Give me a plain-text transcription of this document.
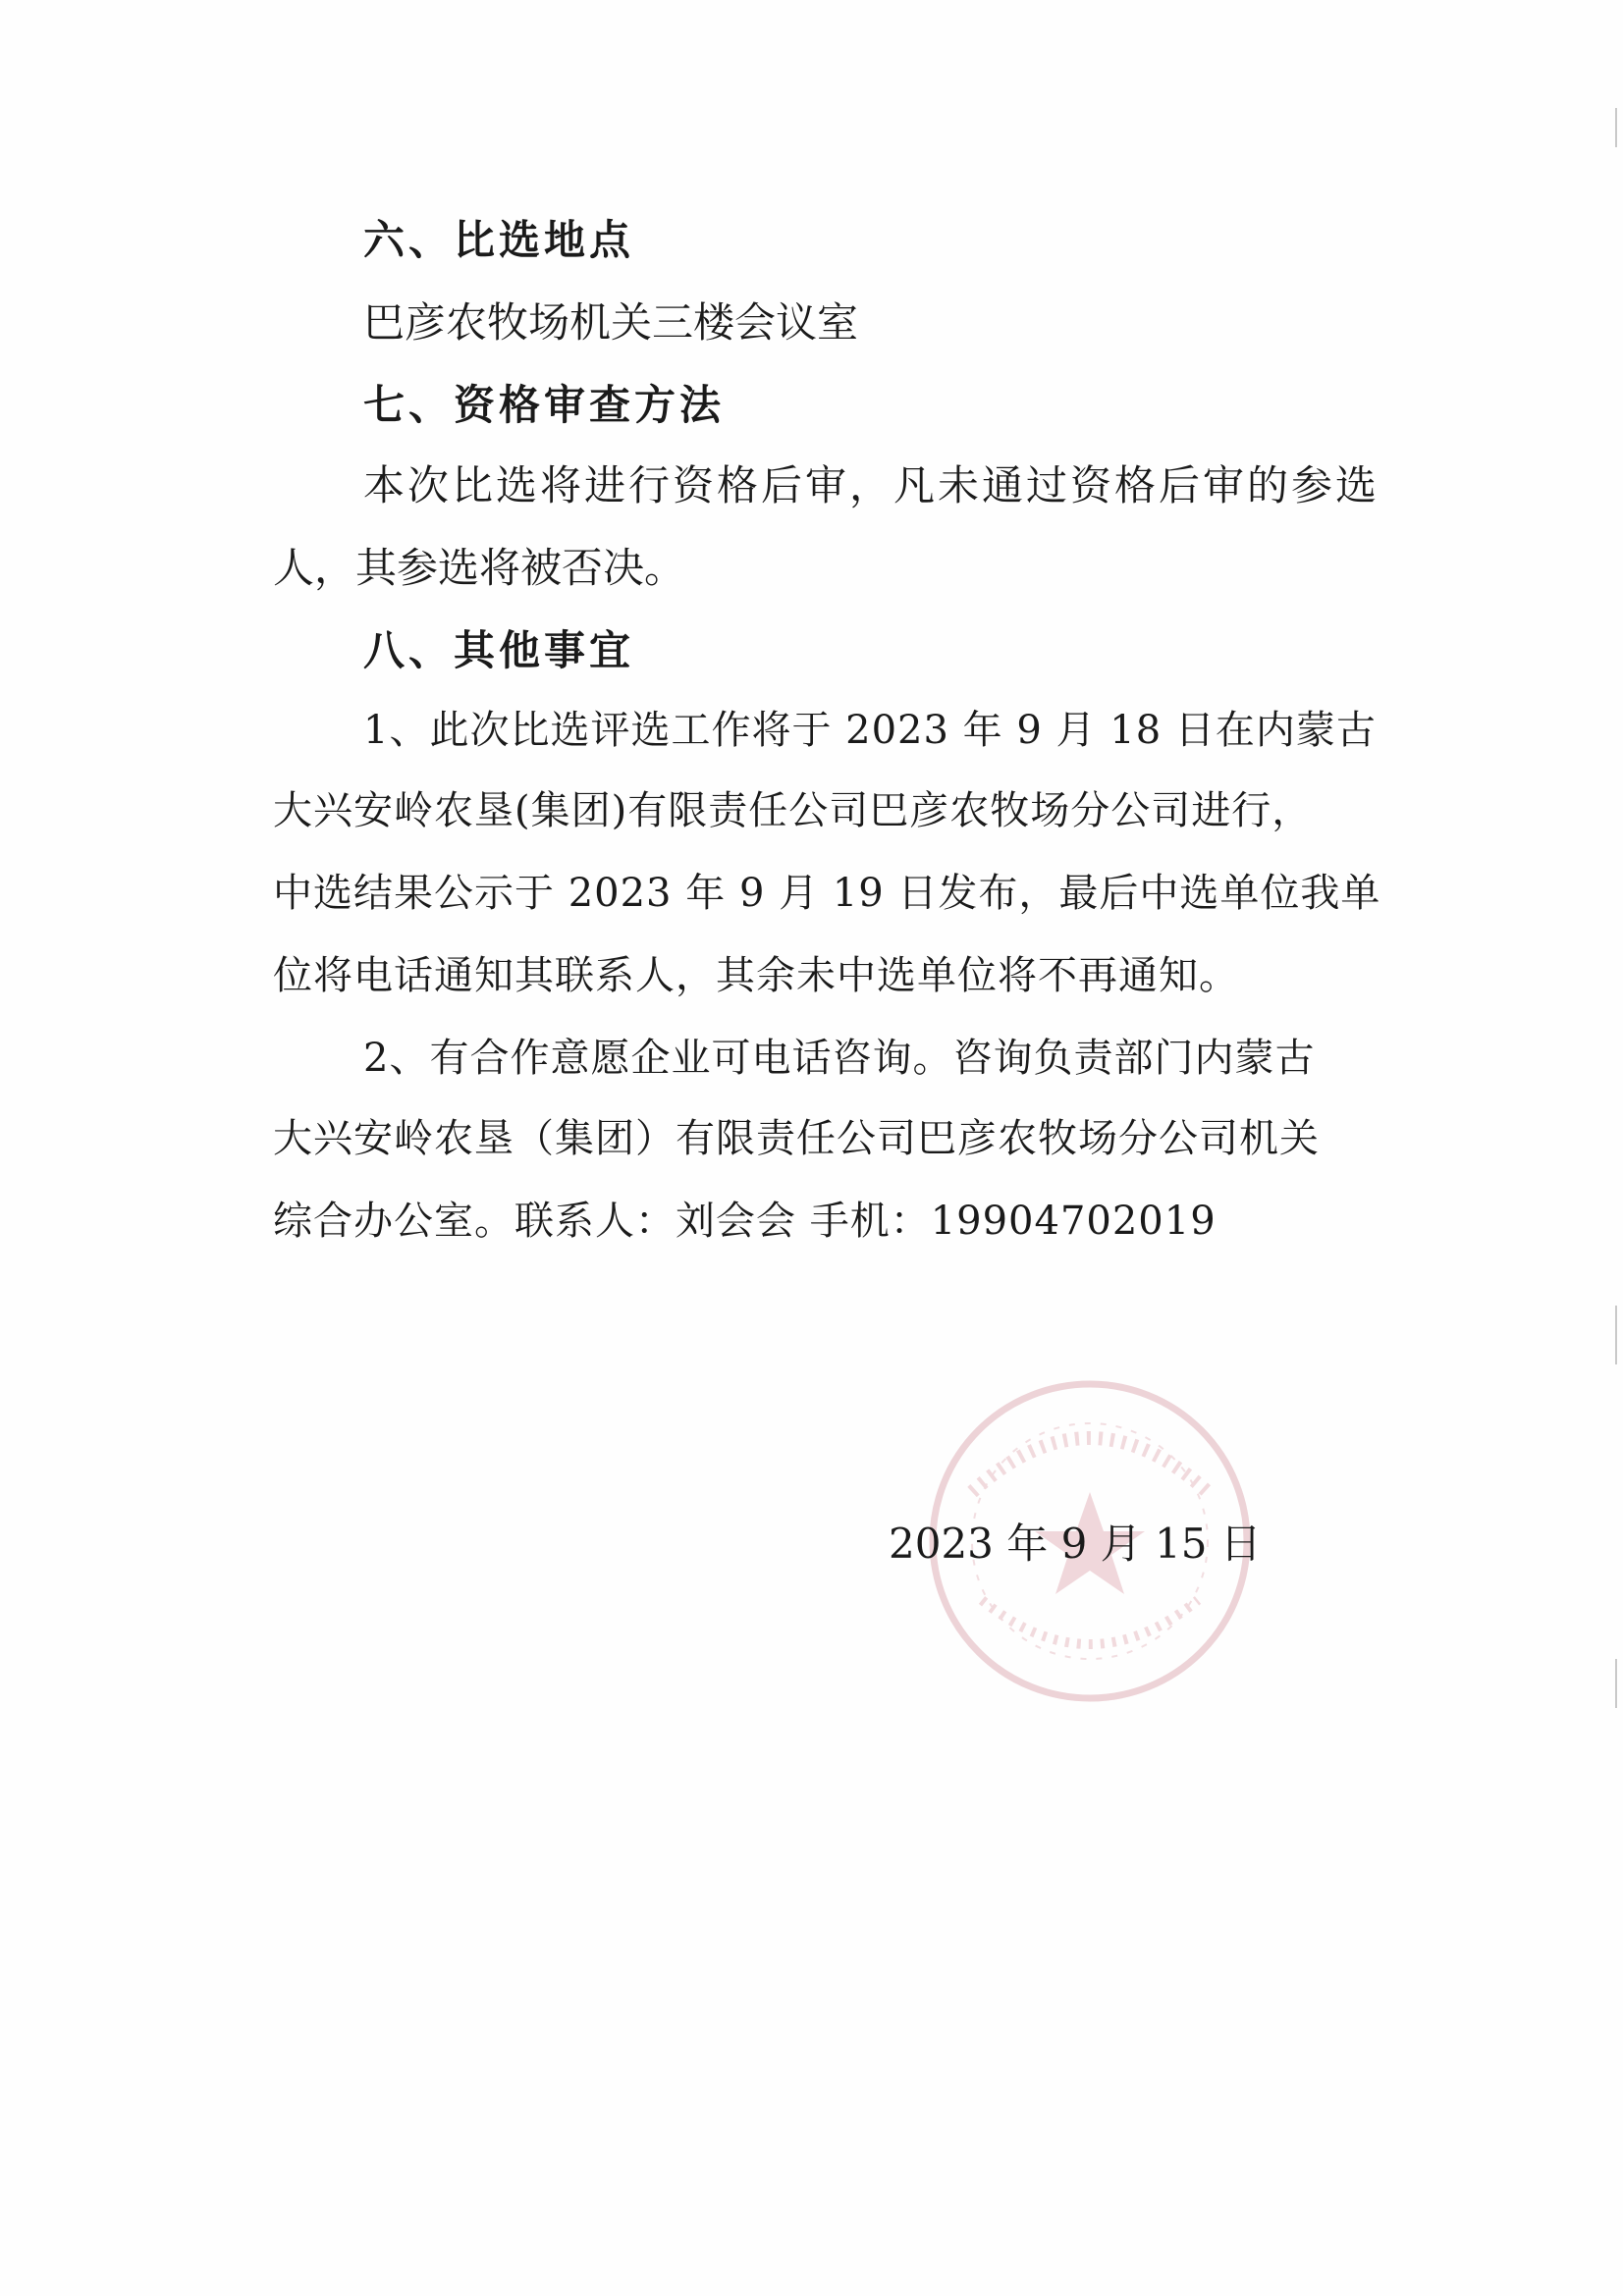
六、比选地点
巴彦农牧场机关三楼会议室
七、资格审查方法
本次比选将进行资格后审，凡未通过资格后审的参选
人，其参选将被否决。
八、其他事宜
1、此次比选评选工作将于 2023 年 9 月 18 日在内蒙古
大兴安岭农垦(集团)有限责任公司巴彦农牧场分公司进行，
中选结果公示于 2023 年 9 月 19 日发布，最后中选单位我单
位将电话通知其联系人，其余未中选单位将不再通知。
2、有合作意愿企业可电话咨询。咨询负责部门内蒙古
大兴安岭农垦（集团）有限责任公司巴彦农牧场分公司机关
综合办公室。联系人：刘会会 手机：19904702019
2023 年 9 月 15 日
